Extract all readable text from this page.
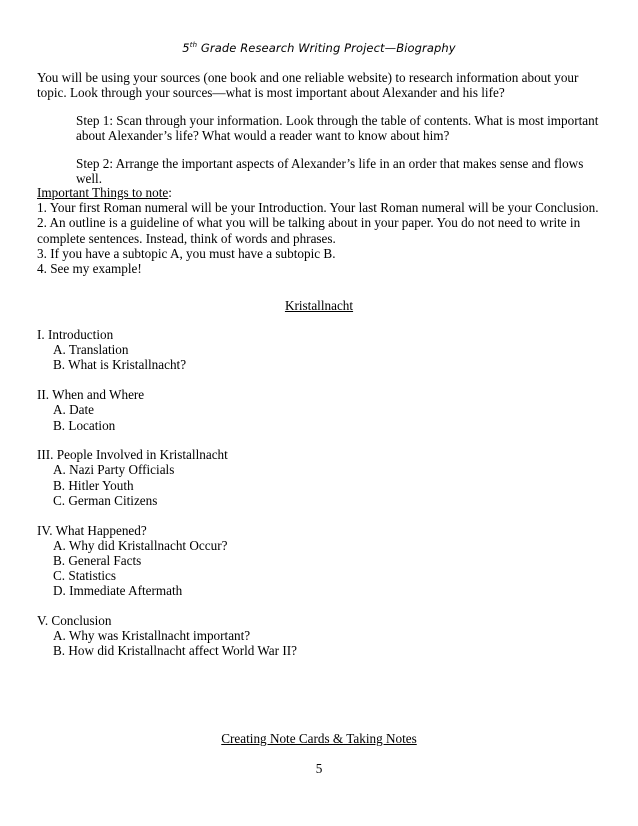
5th Grade Research Writing Project—Biography
You will be using your sources (one book and one reliable website) to research information about your topic. Look through your sources—what is most important about Alexander and his life?
Step 1: Scan through your information. Look through the table of contents. What is most important about Alexander’s life? What would a reader want to know about him?
Step 2: Arrange the important aspects of Alexander’s life in an order that makes sense and flows well.
Important Things to note:
1. Your first Roman numeral will be your Introduction. Your last Roman numeral will be your Conclusion.
2. An outline is a guideline of what you will be talking about in your paper. You do not need to write in complete sentences. Instead, think of words and phrases.
3. If you have a subtopic A, you must have a subtopic B.
4. See my example!
Kristallnacht
I. Introduction
A. Translation
B. What is Kristallnacht?
II. When and Where
A. Date
B. Location
III. People Involved in Kristallnacht
A. Nazi Party Officials
B. Hitler Youth
C. German Citizens
IV. What Happened?
A. Why did Kristallnacht Occur?
B. General Facts
C. Statistics
D. Immediate Aftermath
V. Conclusion
A. Why was Kristallnacht important?
B. How did Kristallnacht affect World War II?
Creating Note Cards & Taking Notes
5
